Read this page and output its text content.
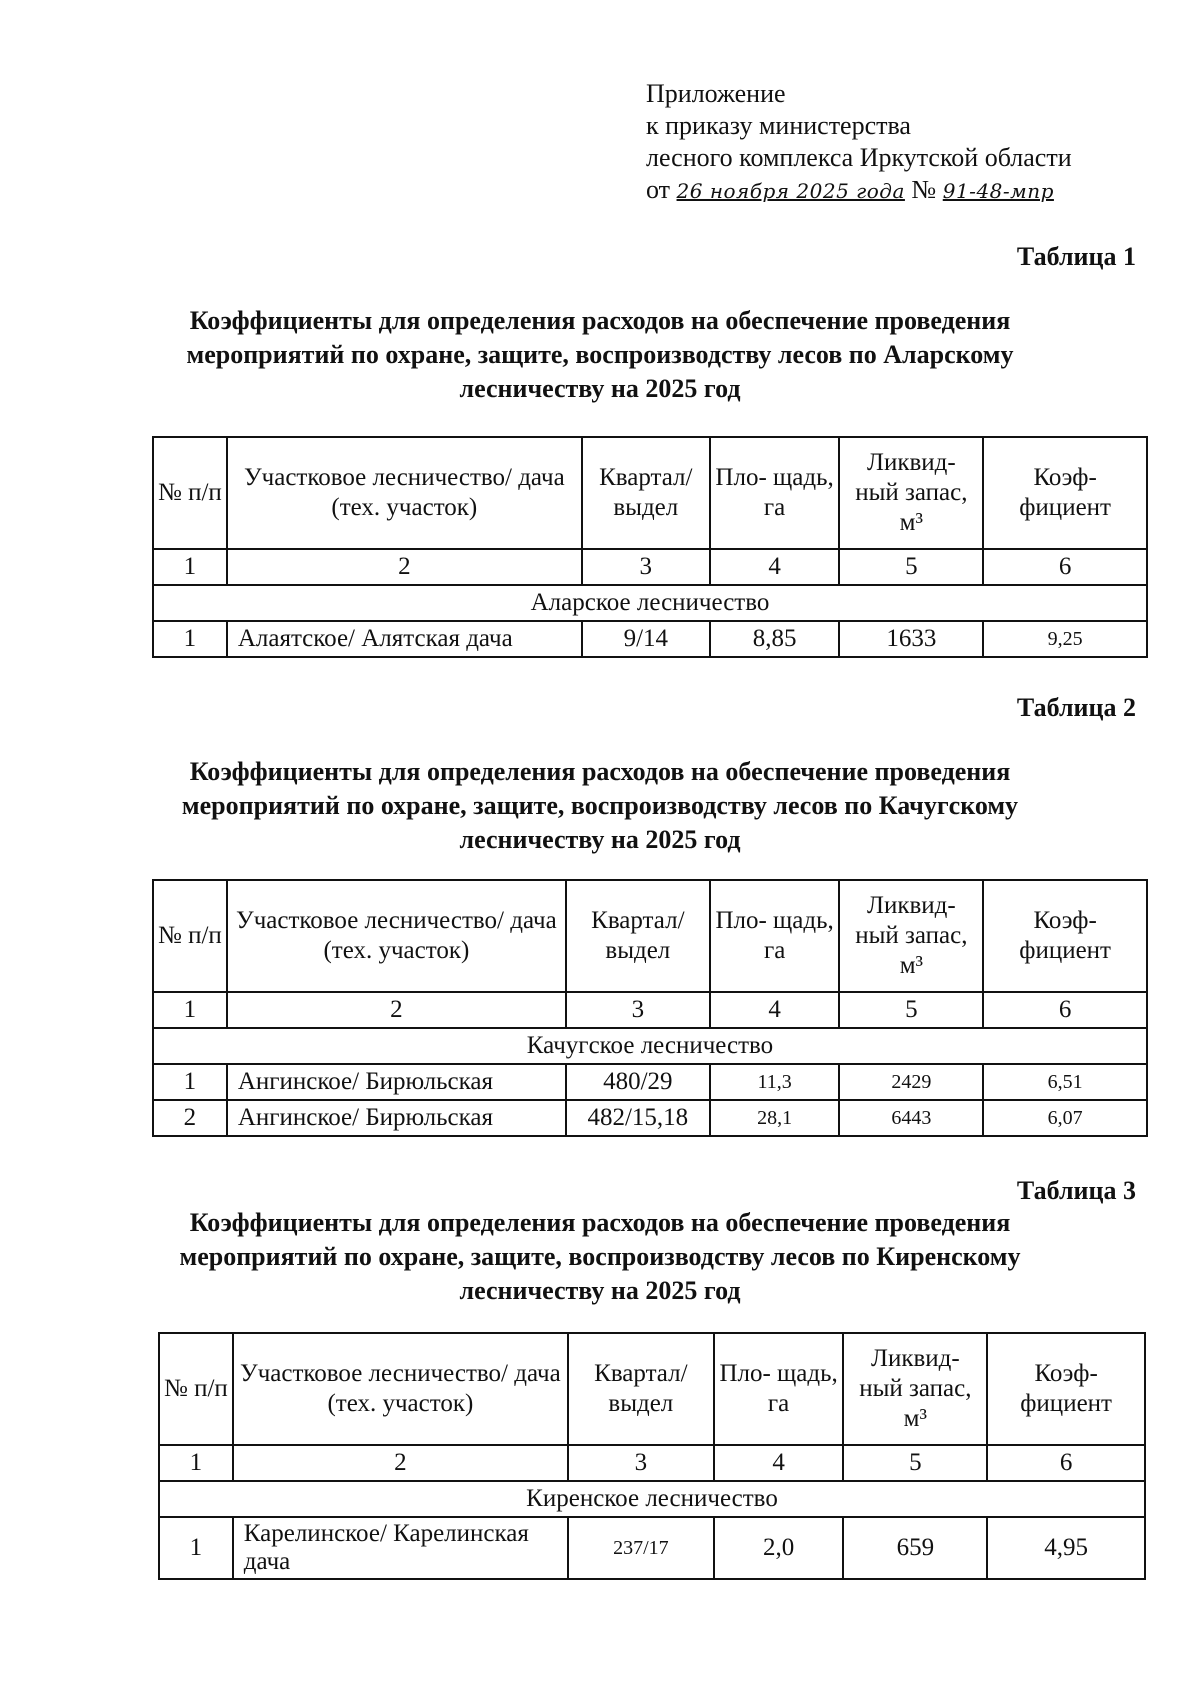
Приложение
к приказу министерства
лесного комплекса Иркутской области
от 26 ноября 2025 года № 91-48-мпр
Таблица 1
Коэффициенты для определения расходов на обеспечение проведения мероприятий по охране, защите, воспроизводству лесов по Аларскому лесничеству на 2025 год
№ п/п	Участковое лесничество/ дача (тех. участок)	Квартал/ выдел	Пло- щадь, га	Ликвид- ный запас, м³	Коэф- фициент
1	2	3	4	5	6
Аларское лесничество					
1	Алаятское/ Алятская дача	9/14	8,85	1633	9,25
Таблица 2
Коэффициенты для определения расходов на обеспечение проведения мероприятий по охране, защите, воспроизводству лесов по Качугскому лесничеству на 2025 год
№ п/п	Участковое лесничество/ дача (тех. участок)	Квартал/ выдел	Пло- щадь, га	Ликвид- ный запас, м³	Коэф- фициент
1	2	3	4	5	6
Качугское лесничество					
1	Ангинское/ Бирюльская	480/29	11,3	2429	6,51
2	Ангинское/ Бирюльская	482/15,18	28,1	6443	6,07
Таблица 3
Коэффициенты для определения расходов на обеспечение проведения мероприятий по охране, защите, воспроизводству лесов по Киренскому лесничеству на 2025 год
№ п/п	Участковое лесничество/ дача (тех. участок)	Квартал/ выдел	Пло- щадь, га	Ликвид- ный запас, м³	Коэф- фициент
1	2	3	4	5	6
Киренское лесничество					
1	Карелинское/ Карелинская дача	237/17	2,0	659	4,95
